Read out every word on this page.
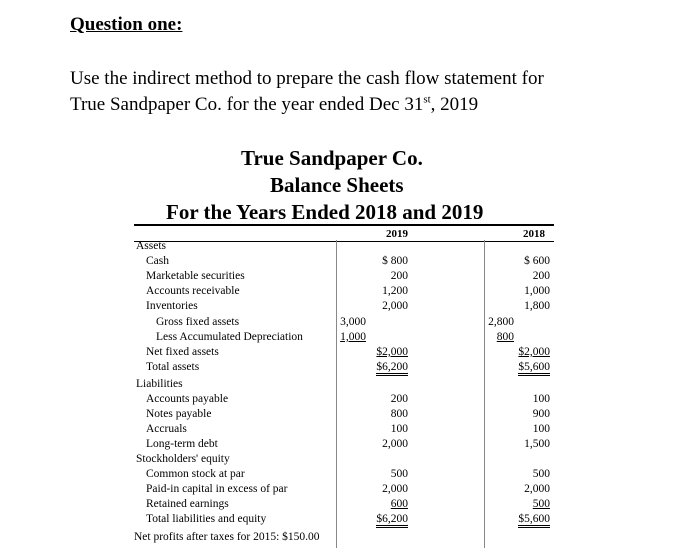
Question one:
Use the indirect method to prepare the cash flow statement for
True Sandpaper Co. for the year ended Dec 31st, 2019
True Sandpaper Co.
Balance Sheets
For the Years Ended 2018 and 2019
2019	2018
Assets
Cash	$ 800	$ 600
Marketable securities	200	200
Accounts receivable	1,200	1,000
Inventories	2,000	1,800
Gross fixed assets	3,000	2,800
Less Accumulated Depreciation	1,000	800
Net fixed assets	$2,000	$2,000
Total assets	$6,200	$5,600
Liabilities
Accounts payable	200	100
Notes payable	800	900
Accruals	100	100
Long-term debt	2,000	1,500
Stockholders' equity
Common stock at par	500	500
Paid-in capital in excess of par	2,000	2,000
Retained earnings	600	500
Total liabilities and equity	$6,200	$5,600
Net profits after taxes for 2015: $150.00
